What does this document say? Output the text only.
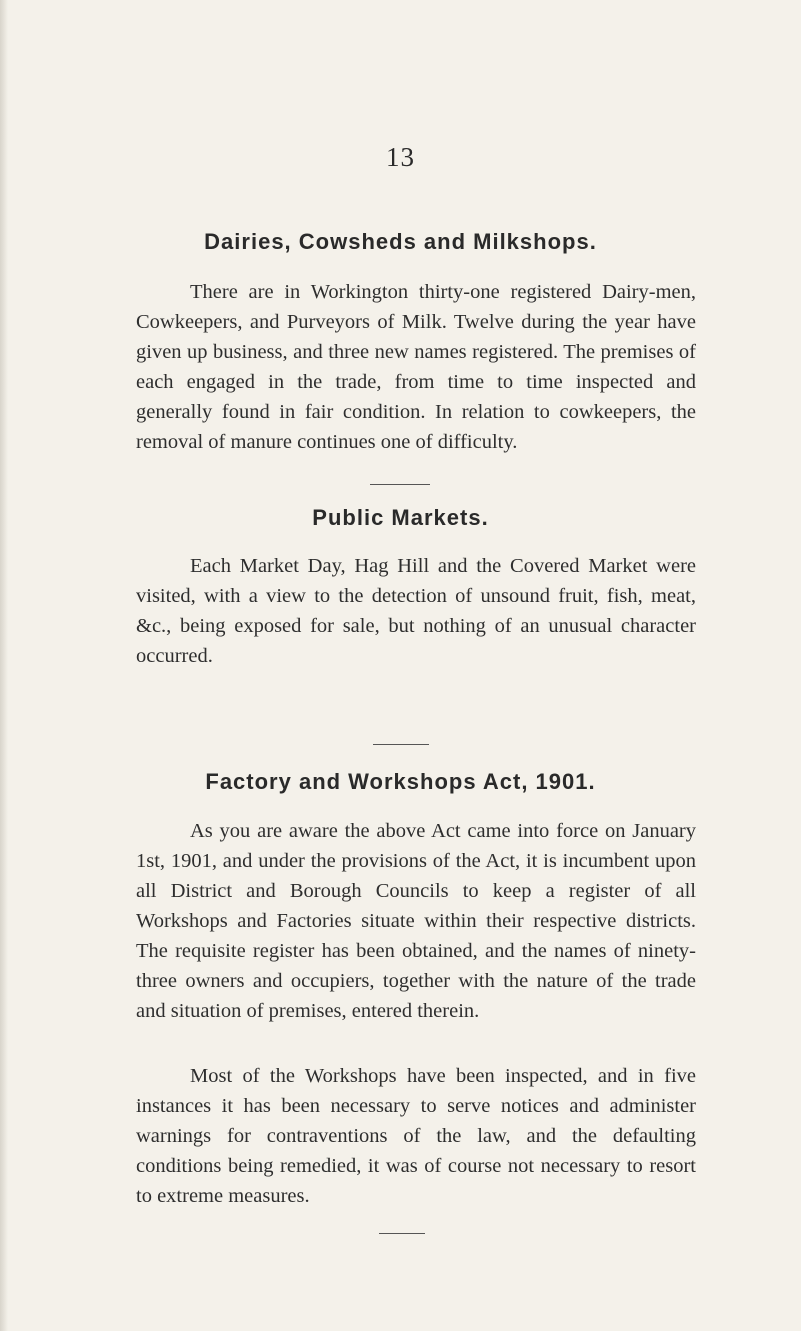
13
Dairies, Cowsheds and Milkshops.
There are in Workington thirty-one registered Dairy-men, Cowkeepers, and Purveyors of Milk. Twelve during the year have given up business, and three new names registered. The premises of each engaged in the trade, from time to time inspected and generally found in fair condition. In relation to cowkeepers, the removal of manure continues one of difficulty.
Public Markets.
Each Market Day, Hag Hill and the Covered Market were visited, with a view to the detection of unsound fruit, fish, meat, &c., being exposed for sale, but nothing of an unusual character occurred.
Factory and Workshops Act, 1901.
As you are aware the above Act came into force on January 1st, 1901, and under the provisions of the Act, it is incumbent upon all District and Borough Councils to keep a register of all Workshops and Factories situate within their respective districts. The requisite register has been obtained, and the names of ninety-three owners and occupiers, together with the nature of the trade and situation of premises, entered therein.
Most of the Workshops have been inspected, and in five instances it has been necessary to serve notices and administer warnings for contraventions of the law, and the defaulting conditions being remedied, it was of course not necessary to resort to extreme measures.
